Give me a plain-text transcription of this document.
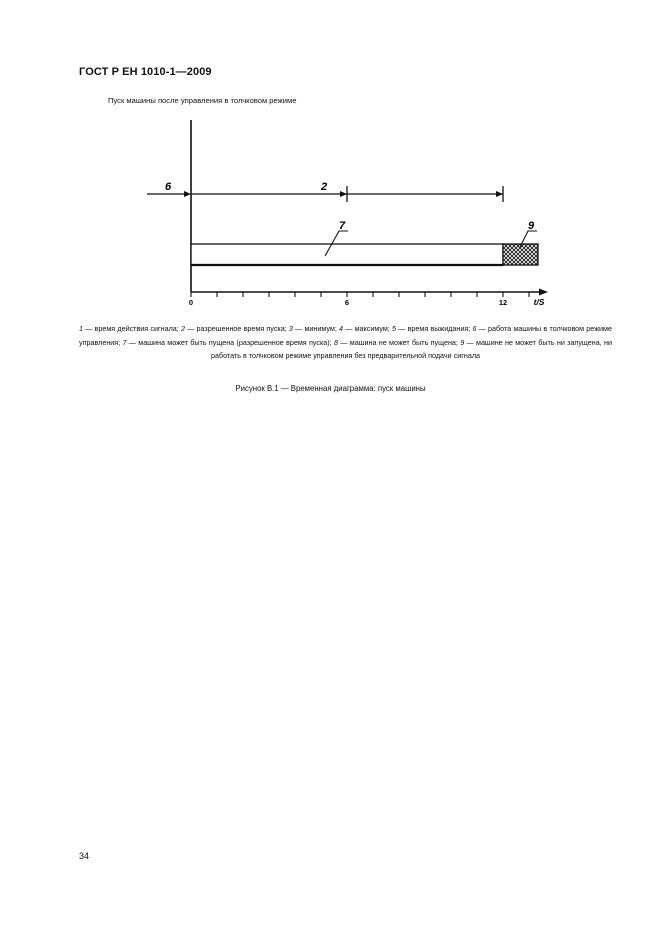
ГОСТ Р ЕН 1010-1—2009
Пуск машины после управления в толчковом режиме
0	6	12	t/S
6	2
7	9
1 — время действия сигнала; 2 — разрешенное время пуска; 3 — минимум; 4 — максимум; 5 — время выжидания; 6 — работа машины в толчковом режиме управления; 7 — машина может быть пущена (разрешенное время пуска); 8 — машина не может быть пущена; 9 — машине не может быть ни запущена, ни работать в толчковом режиме управления без предварительной подачи сигнала
Рисунок В.1 — Временная диаграмма: пуск машины
34
